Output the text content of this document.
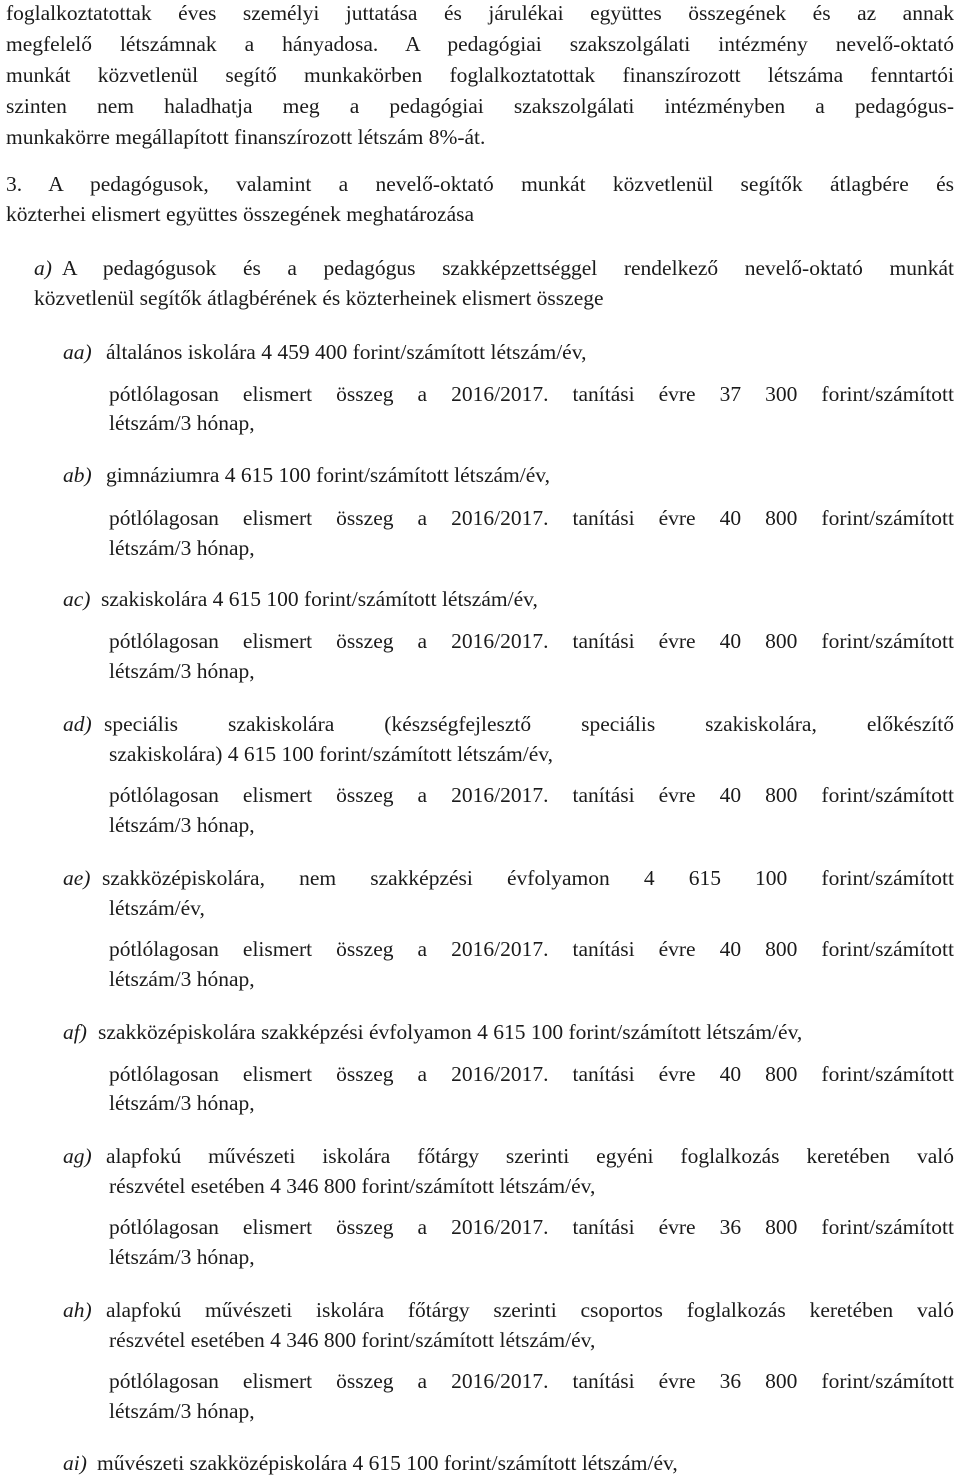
foglalkoztatottak éves személyi juttatása és járulékai együttes összegének és az annak

megfelelő létszámnak a hányadosa. A pedagógiai szakszolgálati intézmény nevelő-oktató

munkát közvetlenül segítő munkakörben foglalkoztatottak finanszírozott létszáma fenntartói

szinten nem haladhatja meg a pedagógiai szakszolgálati intézményben a pedagógus-

munkakörre megállapított finanszírozott létszám 8%-át.

3. A pedagógusok, valamint a nevelő-oktató munkát közvetlenül segítők átlagbére és

közterhei elismert együttes összegének meghatározása

a) A pedagógusok és a pedagógus szakképzettséggel rendelkező nevelő-oktató munkát

közvetlenül segítők átlagbérének és közterheinek elismert összege

aa) általános iskolára 4 459 400 forint/számított létszám/év,

pótlólagosan elismert összeg a 2016/2017. tanítási évre 37 300 forint/számított

létszám/3 hónap,

ab) gimnáziumra 4 615 100 forint/számított létszám/év,

pótlólagosan elismert összeg a 2016/2017. tanítási évre 40 800 forint/számított

létszám/3 hónap,

ac) szakiskolára 4 615 100 forint/számított létszám/év,

pótlólagosan elismert összeg a 2016/2017. tanítási évre 40 800 forint/számított

létszám/3 hónap,

ad) speciális szakiskolára (készségfejlesztő speciális szakiskolára, előkészítő

szakiskolára) 4 615 100 forint/számított létszám/év,

pótlólagosan elismert összeg a 2016/2017. tanítási évre 40 800 forint/számított

létszám/3 hónap,

ae) szakközépiskolára, nem szakképzési évfolyamon 4 615 100 forint/számított

létszám/év,

pótlólagosan elismert összeg a 2016/2017. tanítási évre 40 800 forint/számított

létszám/3 hónap,

af) szakközépiskolára szakképzési évfolyamon 4 615 100 forint/számított létszám/év,

pótlólagosan elismert összeg a 2016/2017. tanítási évre 40 800 forint/számított

létszám/3 hónap,

ag) alapfokú művészeti iskolára főtárgy szerinti egyéni foglalkozás keretében való

részvétel esetében 4 346 800 forint/számított létszám/év,

pótlólagosan elismert összeg a 2016/2017. tanítási évre 36 800 forint/számított

létszám/3 hónap,

ah) alapfokú művészeti iskolára főtárgy szerinti csoportos foglalkozás keretében való

részvétel esetében 4 346 800 forint/számított létszám/év,

pótlólagosan elismert összeg a 2016/2017. tanítási évre 36 800 forint/számított

létszám/3 hónap,

ai) művészeti szakközépiskolára 4 615 100 forint/számított létszám/év,
